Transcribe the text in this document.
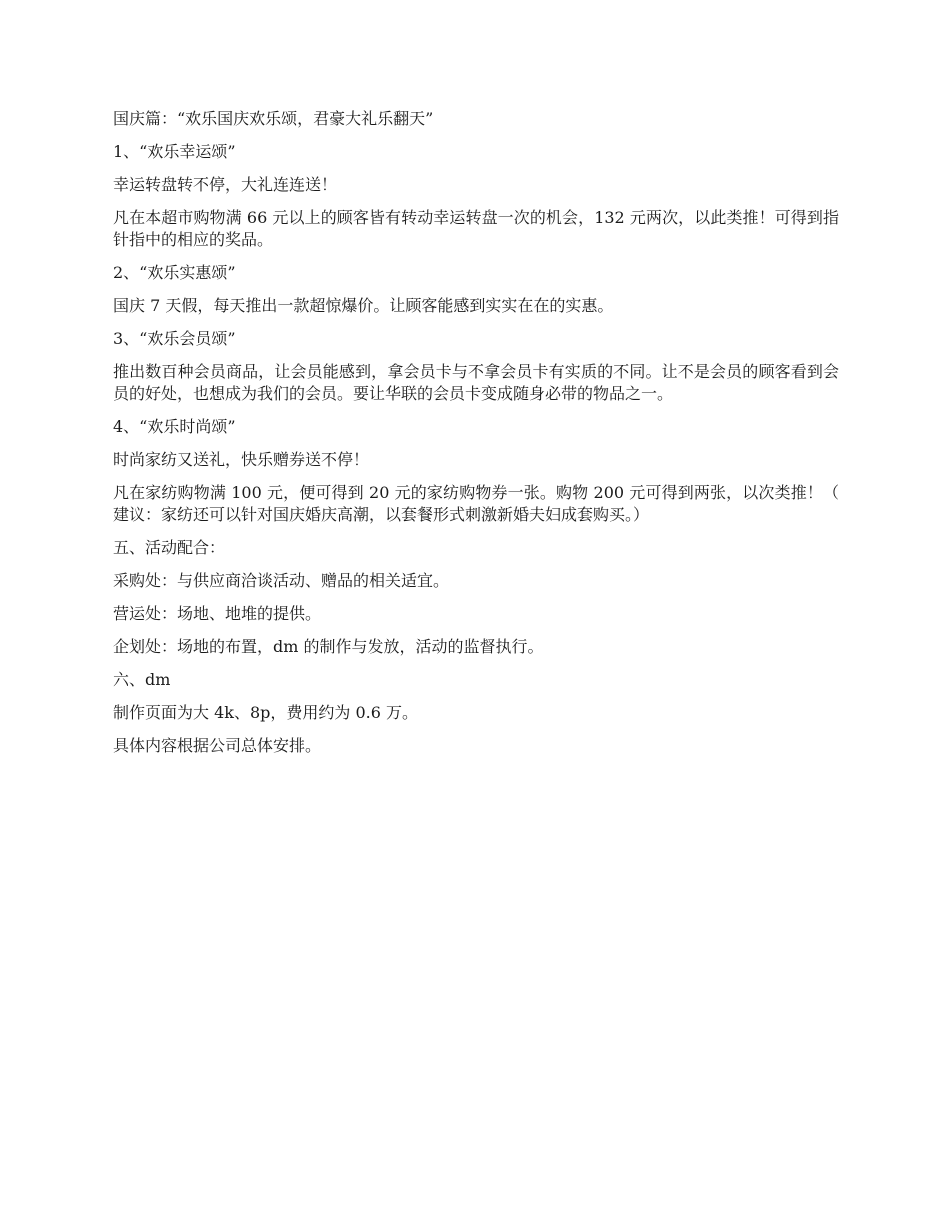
国庆篇：“欢乐国庆欢乐颂，君豪大礼乐翻天”

1、“欢乐幸运颂”

幸运转盘转不停，大礼连连送！

凡在本超市购物满 66 元以上的顾客皆有转动幸运转盘一次的机会，132 元两次，以此类推！可得到指针指中的相应的奖品。

2、“欢乐实惠颂”

国庆 7 天假，每天推出一款超惊爆价。让顾客能感到实实在在的实惠。

3、“欢乐会员颂”

推出数百种会员商品，让会员能感到，拿会员卡与不拿会员卡有实质的不同。让不是会员的顾客看到会员的好处，也想成为我们的会员。要让华联的会员卡变成随身必带的物品之一。

4、“欢乐时尚颂”

时尚家纺又送礼，快乐赠券送不停！

凡在家纺购物满 100 元，便可得到 20 元的家纺购物券一张。购物 200 元可得到两张，以次类推！（建议：家纺还可以针对国庆婚庆高潮，以套餐形式刺激新婚夫妇成套购买。）

五、活动配合：

采购处：与供应商洽谈活动、赠品的相关适宜。

营运处：场地、地堆的提供。

企划处：场地的布置，dm 的制作与发放，活动的监督执行。

六、dm

制作页面为大 4k、8p，费用约为 0.6 万。

具体内容根据公司总体安排。
